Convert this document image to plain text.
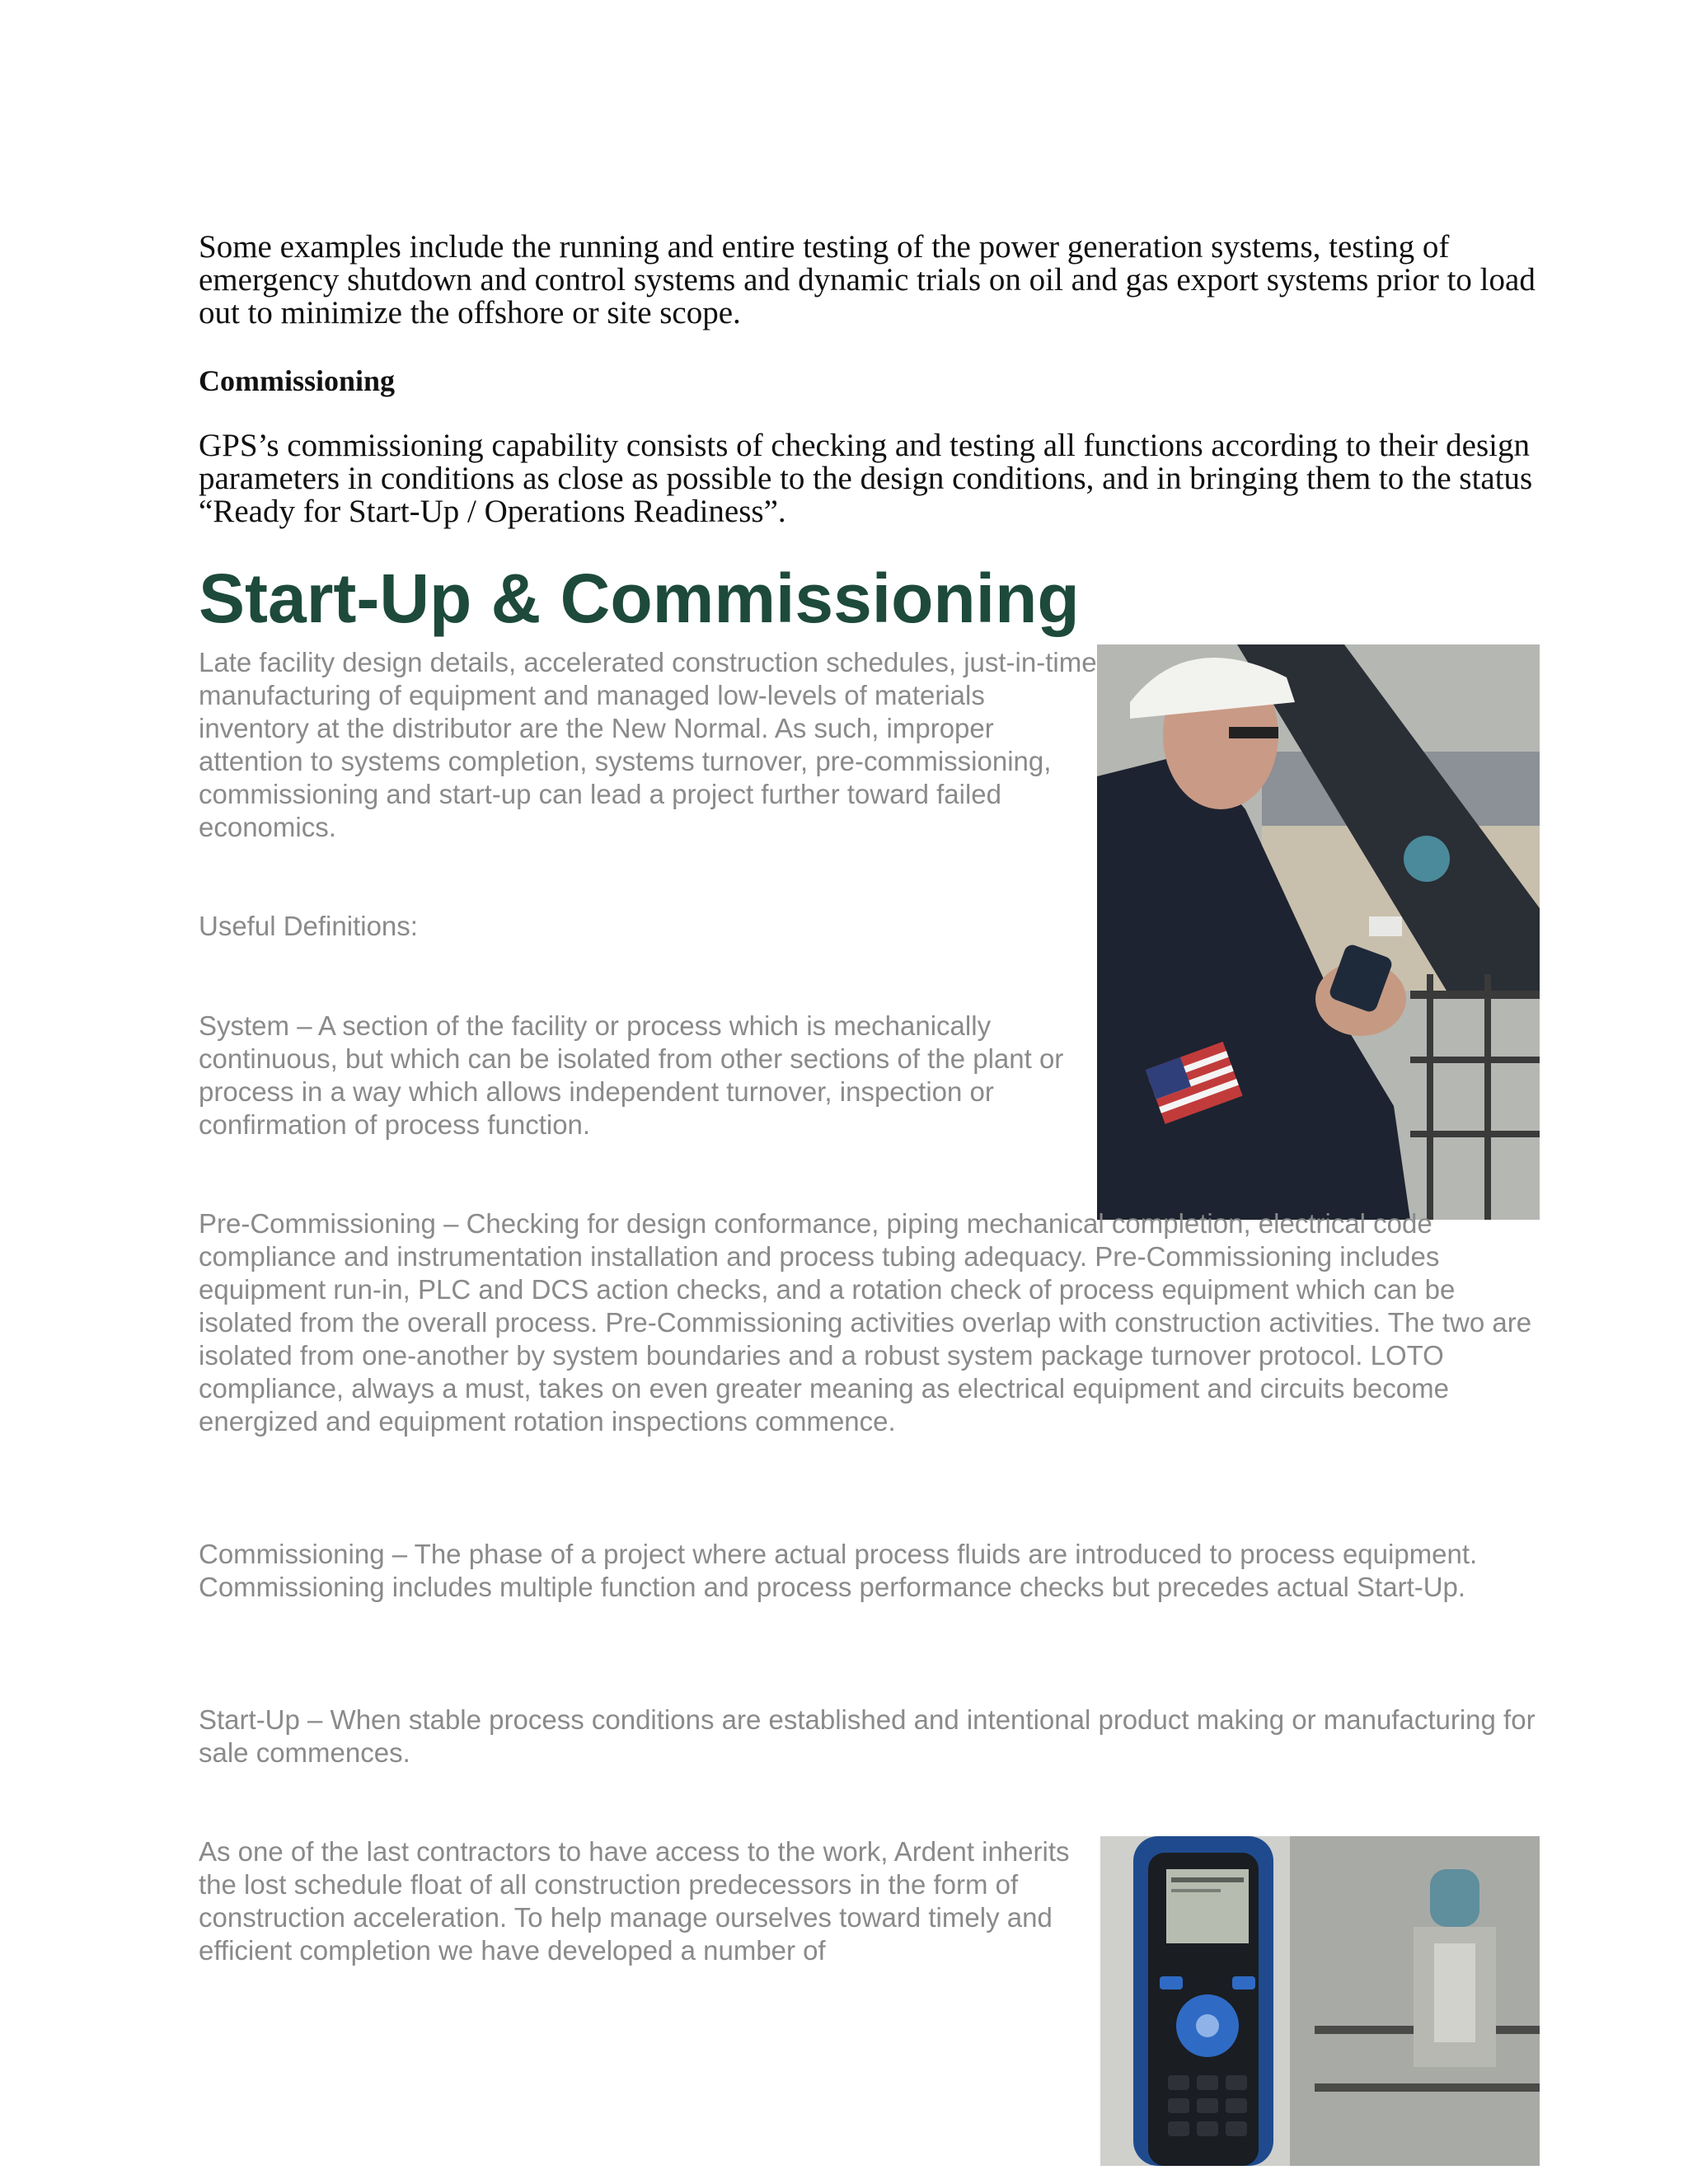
Some examples include the running and entire testing of the power generation systems, testing of emergency shutdown and control systems and dynamic trials on oil and gas export systems prior to load out to minimize the offshore or site scope.

Commissioning

GPS’s commissioning capability consists of checking and testing all functions according to their design parameters in conditions as close as possible to the design conditions, and in bringing them to the status “Ready for Start-Up / Operations Readiness”.

Start-Up & Commissioning

Late facility design details, accelerated construction schedules, just-in-time manufacturing of equipment and managed low-levels of materials inventory at the distributor are the New Normal. As such, improper attention to systems completion, systems turnover, pre-commissioning, commissioning and start-up can lead a project further toward failed economics.

Useful Definitions:

System – A section of the facility or process which is mechanically continuous, but which can be isolated from other sections of the plant or process in a way which allows independent turnover, inspection or confirmation of process function.

Pre-Commissioning – Checking for design conformance, piping mechanical completion, electrical code compliance and instrumentation installation and process tubing adequacy. Pre-Commissioning includes equipment run-in, PLC and DCS action checks, and a rotation check of process equipment which can be isolated from the overall process. Pre-Commissioning activities overlap with construction activities. The two are isolated from one-another by system boundaries and a robust system package turnover protocol. LOTO compliance, always a must, takes on even greater meaning as electrical equipment and circuits become energized and equipment rotation inspections commence.

Commissioning – The phase of a project where actual process fluids are introduced to process equipment. Commissioning includes multiple function and process performance checks but precedes actual Start-Up.

Start-Up – When stable process conditions are established and intentional product making or manufacturing for sale commences.

As one of the last contractors to have access to the work, Ardent inherits the lost schedule float of all construction predecessors in the form of construction acceleration. To help manage ourselves toward timely and efficient completion we have developed a number of
